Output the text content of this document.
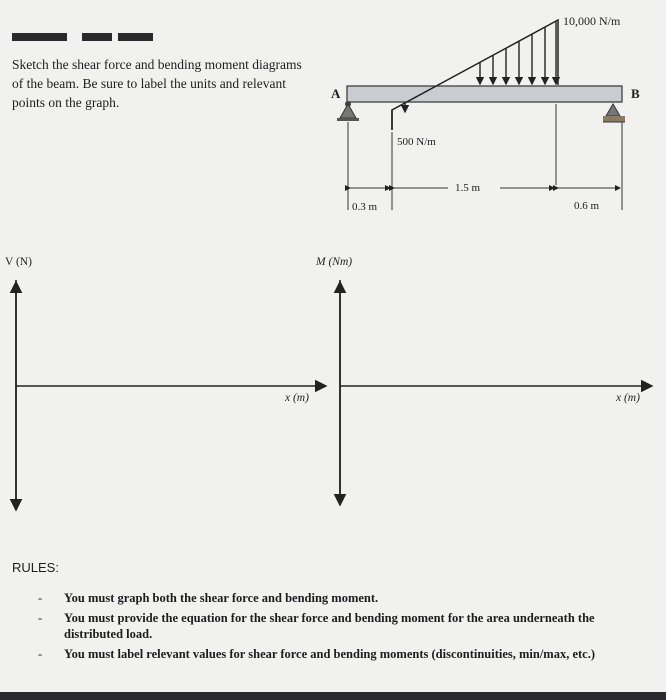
Sketch the shear force and bending moment diagrams of the beam. Be sure to label the units and relevant points on the graph.
10,000 N/m
500 N/m
A	B
0.3 m
1.5 m
0.6 m
V (N)
x (m)
M (Nm)
x (m)
RULES:
- You must graph both the shear force and bending moment.
- You must provide the equation for the shear force and bending moment for the area underneath the distributed load.
- You must label relevant values for shear force and bending moments (discontinuities, min/max, etc.)
